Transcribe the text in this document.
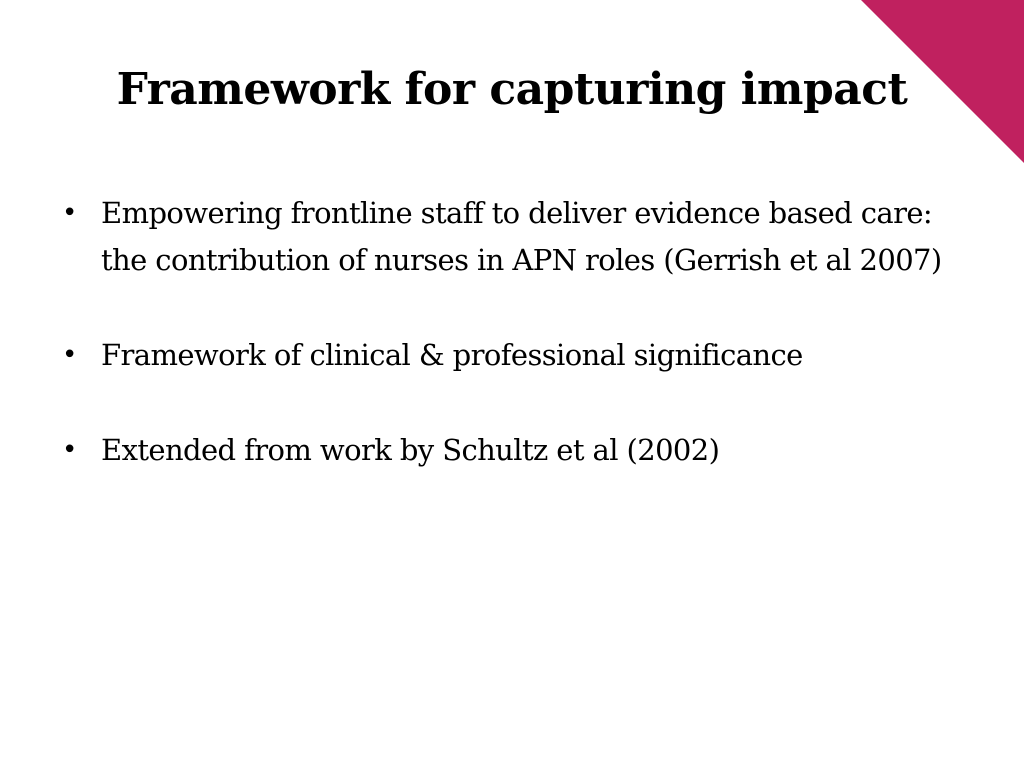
Framework for capturing impact
• Empowering frontline staff to deliver evidence based care: the contribution of nurses in APN roles (Gerrish et al 2007)
• Framework of clinical & professional significance
• Extended from work by Schultz et al (2002)
